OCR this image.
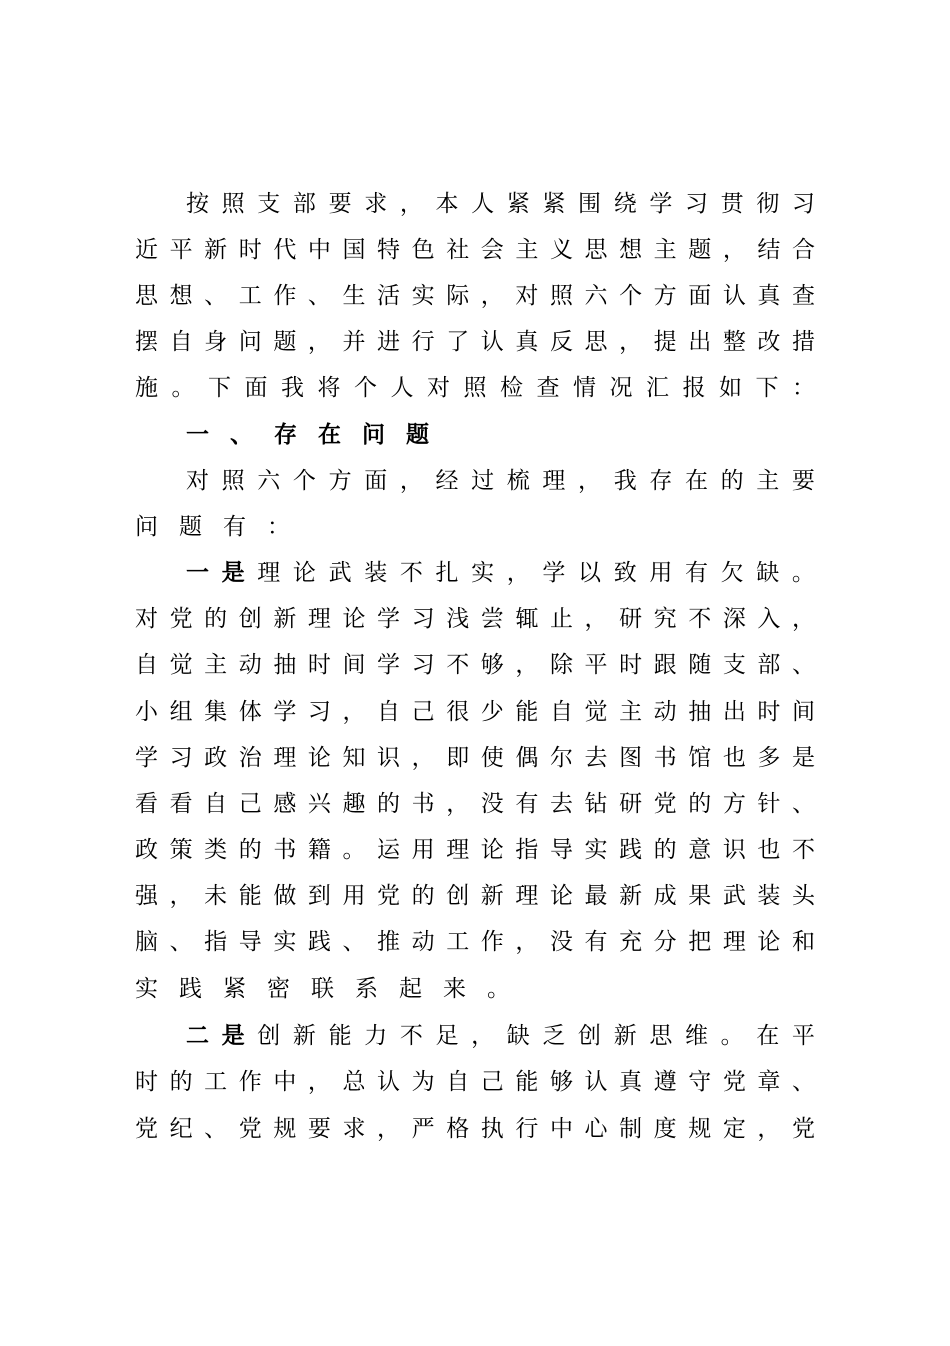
按 照 支 部 要 求 ， 本 人 紧 紧 围 绕 学 习 贯 彻 习
近 平 新 时 代 中 国 特 色 社 会 主 义 思 想 主 题 ， 结 合
思 想 、 工 作 、 生 活 实 际 ， 对 照 六 个 方 面 认 真 查
摆 自 身 问 题 ， 并 进 行 了 认 真 反 思 ， 提 出 整 改 措
施 。 下 面 我 将 个 人 对 照 检 查 情 况 汇 报 如 下 ：
一 、 存 在 问 题
对 照 六 个 方 面 ， 经 过 梳 理 ， 我 存 在 的 主 要
问 题 有 ：
一 是 理 论 武 装 不 扎 实 ， 学 以 致 用 有 欠 缺 。
对 党 的 创 新 理 论 学 习 浅 尝 辄 止 ， 研 究 不 深 入 ，
自 觉 主 动 抽 时 间 学 习 不 够 ， 除 平 时 跟 随 支 部 、
小 组 集 体 学 习 ， 自 己 很 少 能 自 觉 主 动 抽 出 时 间
学 习 政 治 理 论 知 识 ， 即 使 偶 尔 去 图 书 馆 也 多 是
看 看 自 己 感 兴 趣 的 书 ， 没 有 去 钻 研 党 的 方 针 、
政 策 类 的 书 籍 。 运 用 理 论 指 导 实 践 的 意 识 也 不
强 ， 未 能 做 到 用 党 的 创 新 理 论 最 新 成 果 武 装 头
脑 、 指 导 实 践 、 推 动 工 作 ， 没 有 充 分 把 理 论 和
实 践 紧 密 联 系 起 来 。
二 是 创 新 能 力 不 足 ， 缺 乏 创 新 思 维 。 在 平
时 的 工 作 中 ， 总 认 为 自 己 能 够 认 真 遵 守 党 章 、
党 纪 、 党 规 要 求 ， 严 格 执 行 中 心 制 度 规 定 ， 党
